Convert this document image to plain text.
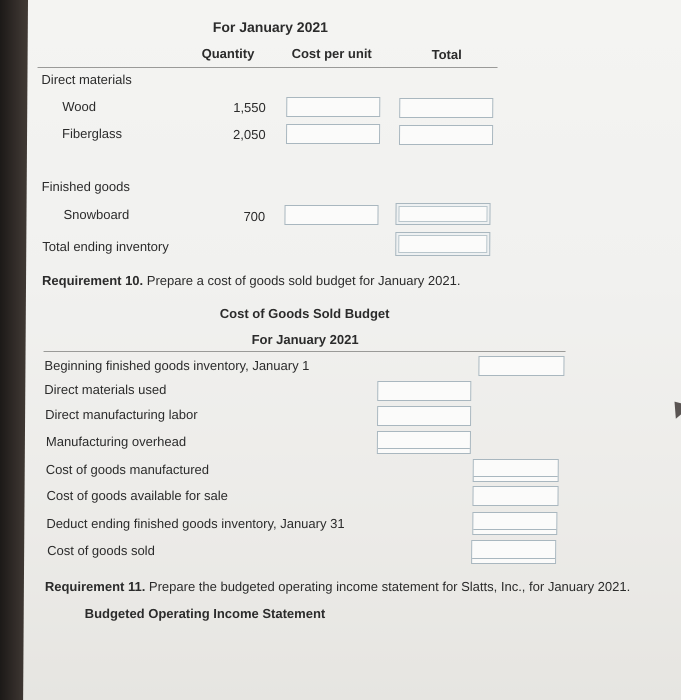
For January 2021
Quantity	Cost per unit	Total
Direct materials
Wood	1,550
Fiberglass	2,050
Finished goods
Snowboard	700
Total ending inventory
Requirement 10. Prepare a cost of goods sold budget for January 2021.
Cost of Goods Sold Budget
For January 2021
Beginning finished goods inventory, January 1
Direct materials used
Direct manufacturing labor
Manufacturing overhead
Cost of goods manufactured
Cost of goods available for sale
Deduct ending finished goods inventory, January 31
Cost of goods sold
Requirement 11. Prepare the budgeted operating income statement for Slatts, Inc., for January 2021.
Budgeted Operating Income Statement
